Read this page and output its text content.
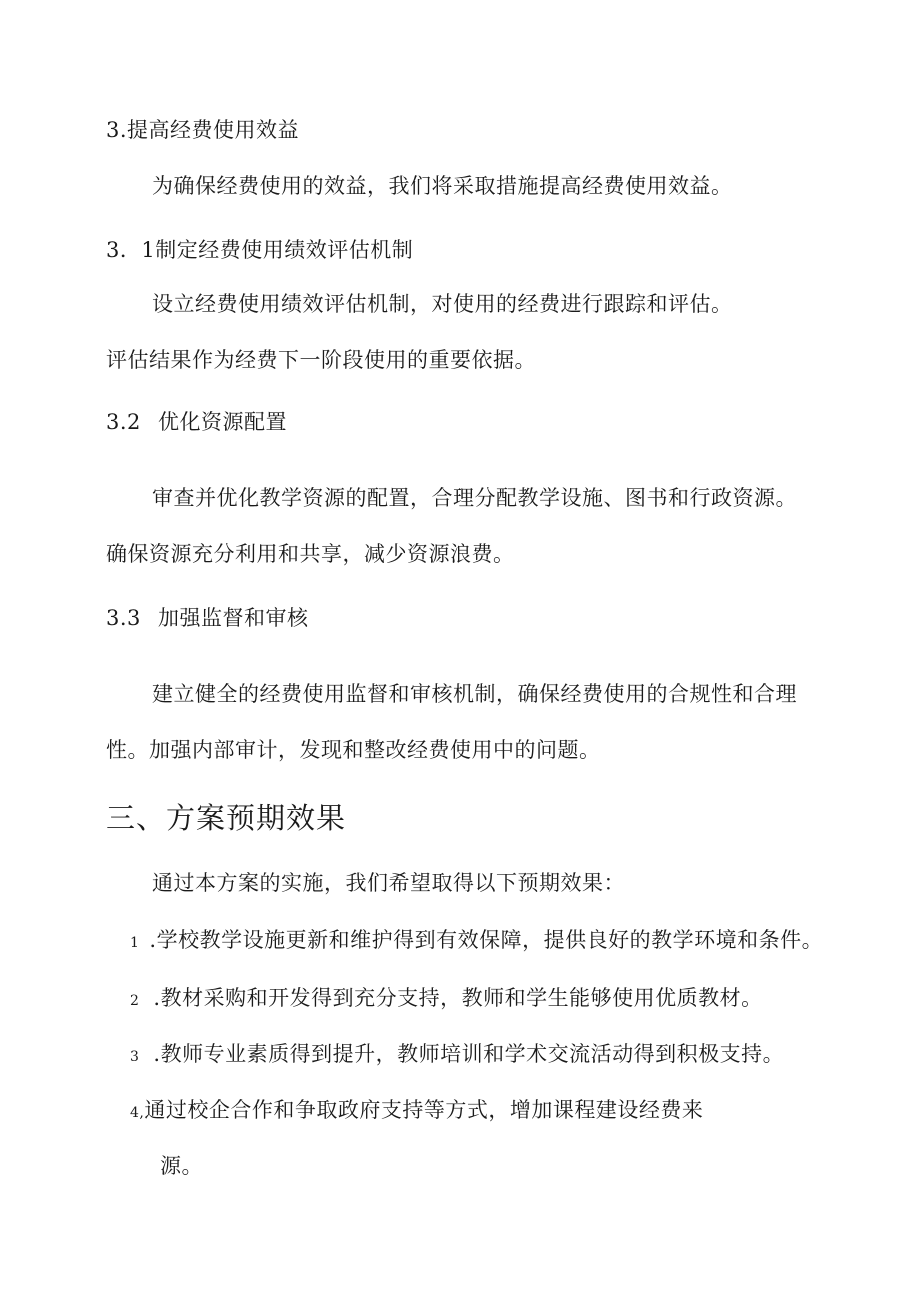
3.提高经费使用效益
为确保经费使用的效益，我们将采取措施提高经费使用效益。
3．1制定经费使用绩效评估机制
设立经费使用绩效评估机制，对使用的经费进行跟踪和评估。
评估结果作为经费下一阶段使用的重要依据。
3.2 优化资源配置
审查并优化教学资源的配置，合理分配教学设施、图书和行政资源。
确保资源充分利用和共享，减少资源浪费。
3.3 加强监督和审核
建立健全的经费使用监督和审核机制，确保经费使用的合规性和合理
性。加强内部审计，发现和整改经费使用中的问题。
三、方案预期效果
通过本方案的实施，我们希望取得以下预期效果：
1 .学校教学设施更新和维护得到有效保障，提供良好的教学环境和条件。
2 .教材采购和开发得到充分支持，教师和学生能够使用优质教材。
3 .教师专业素质得到提升，教师培训和学术交流活动得到积极支持。
4,通过校企合作和争取政府支持等方式，增加课程建设经费来
源。
